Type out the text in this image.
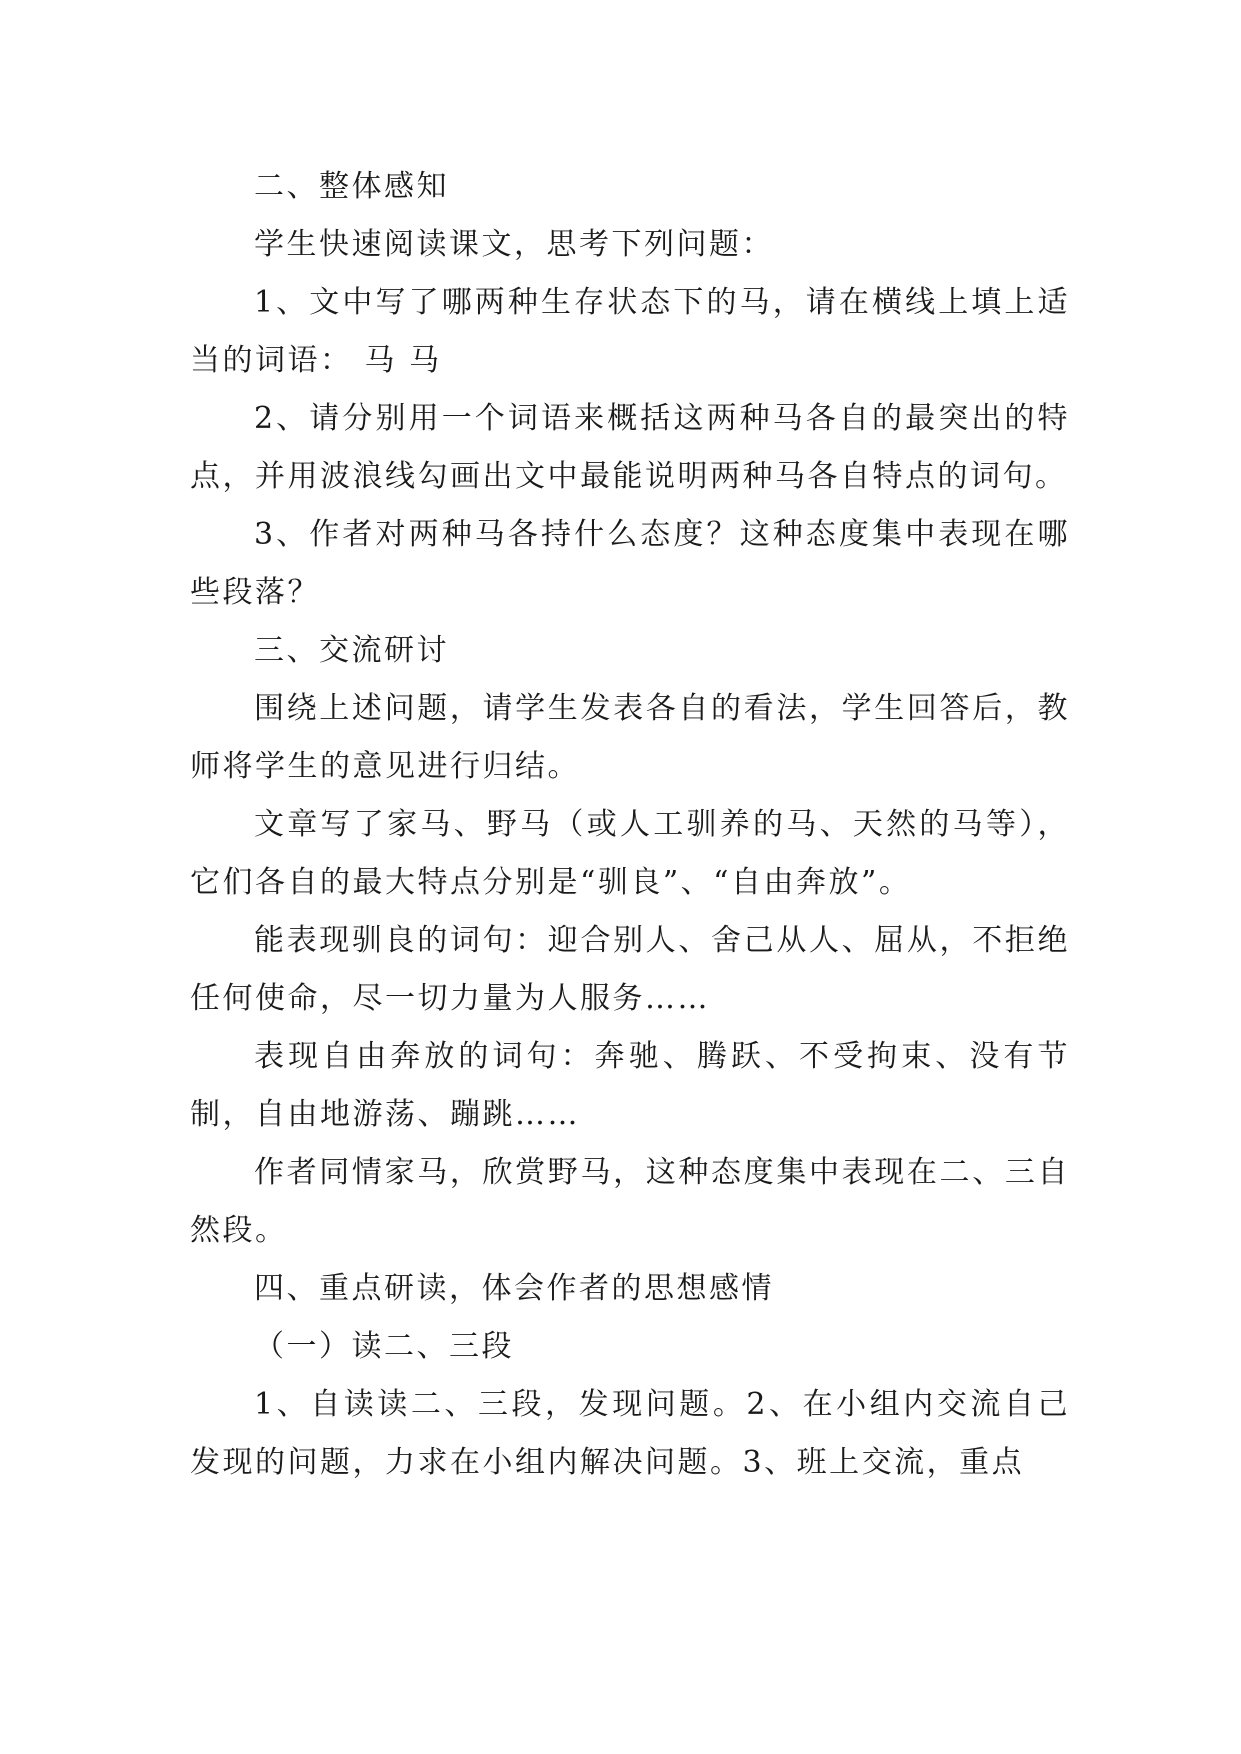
二、整体感知

学生快速阅读课文，思考下列问题：

1、文中写了哪两种生存状态下的马，请在横线上填上适当的词语： 马 马

2、请分别用一个词语来概括这两种马各自的最突出的特点，并用波浪线勾画出文中最能说明两种马各自特点的词句。

3、作者对两种马各持什么态度？这种态度集中表现在哪些段落？

三、交流研讨

围绕上述问题，请学生发表各自的看法，学生回答后，教师将学生的意见进行归结。

文章写了家马、野马（或人工驯养的马、天然的马等），它们各自的最大特点分别是“驯良”、“自由奔放”。

能表现驯良的词句：迎合别人、舍己从人、屈从，不拒绝任何使命，尽一切力量为人服务……

表现自由奔放的词句：奔驰、腾跃、不受拘束、没有节制，自由地游荡、蹦跳……

作者同情家马，欣赏野马，这种态度集中表现在二、三自然段。

四、重点研读，体会作者的思想感情

（一）读二、三段

1、自读读二、三段，发现问题。2、在小组内交流自己发现的问题，力求在小组内解决问题。3、班上交流，重点
